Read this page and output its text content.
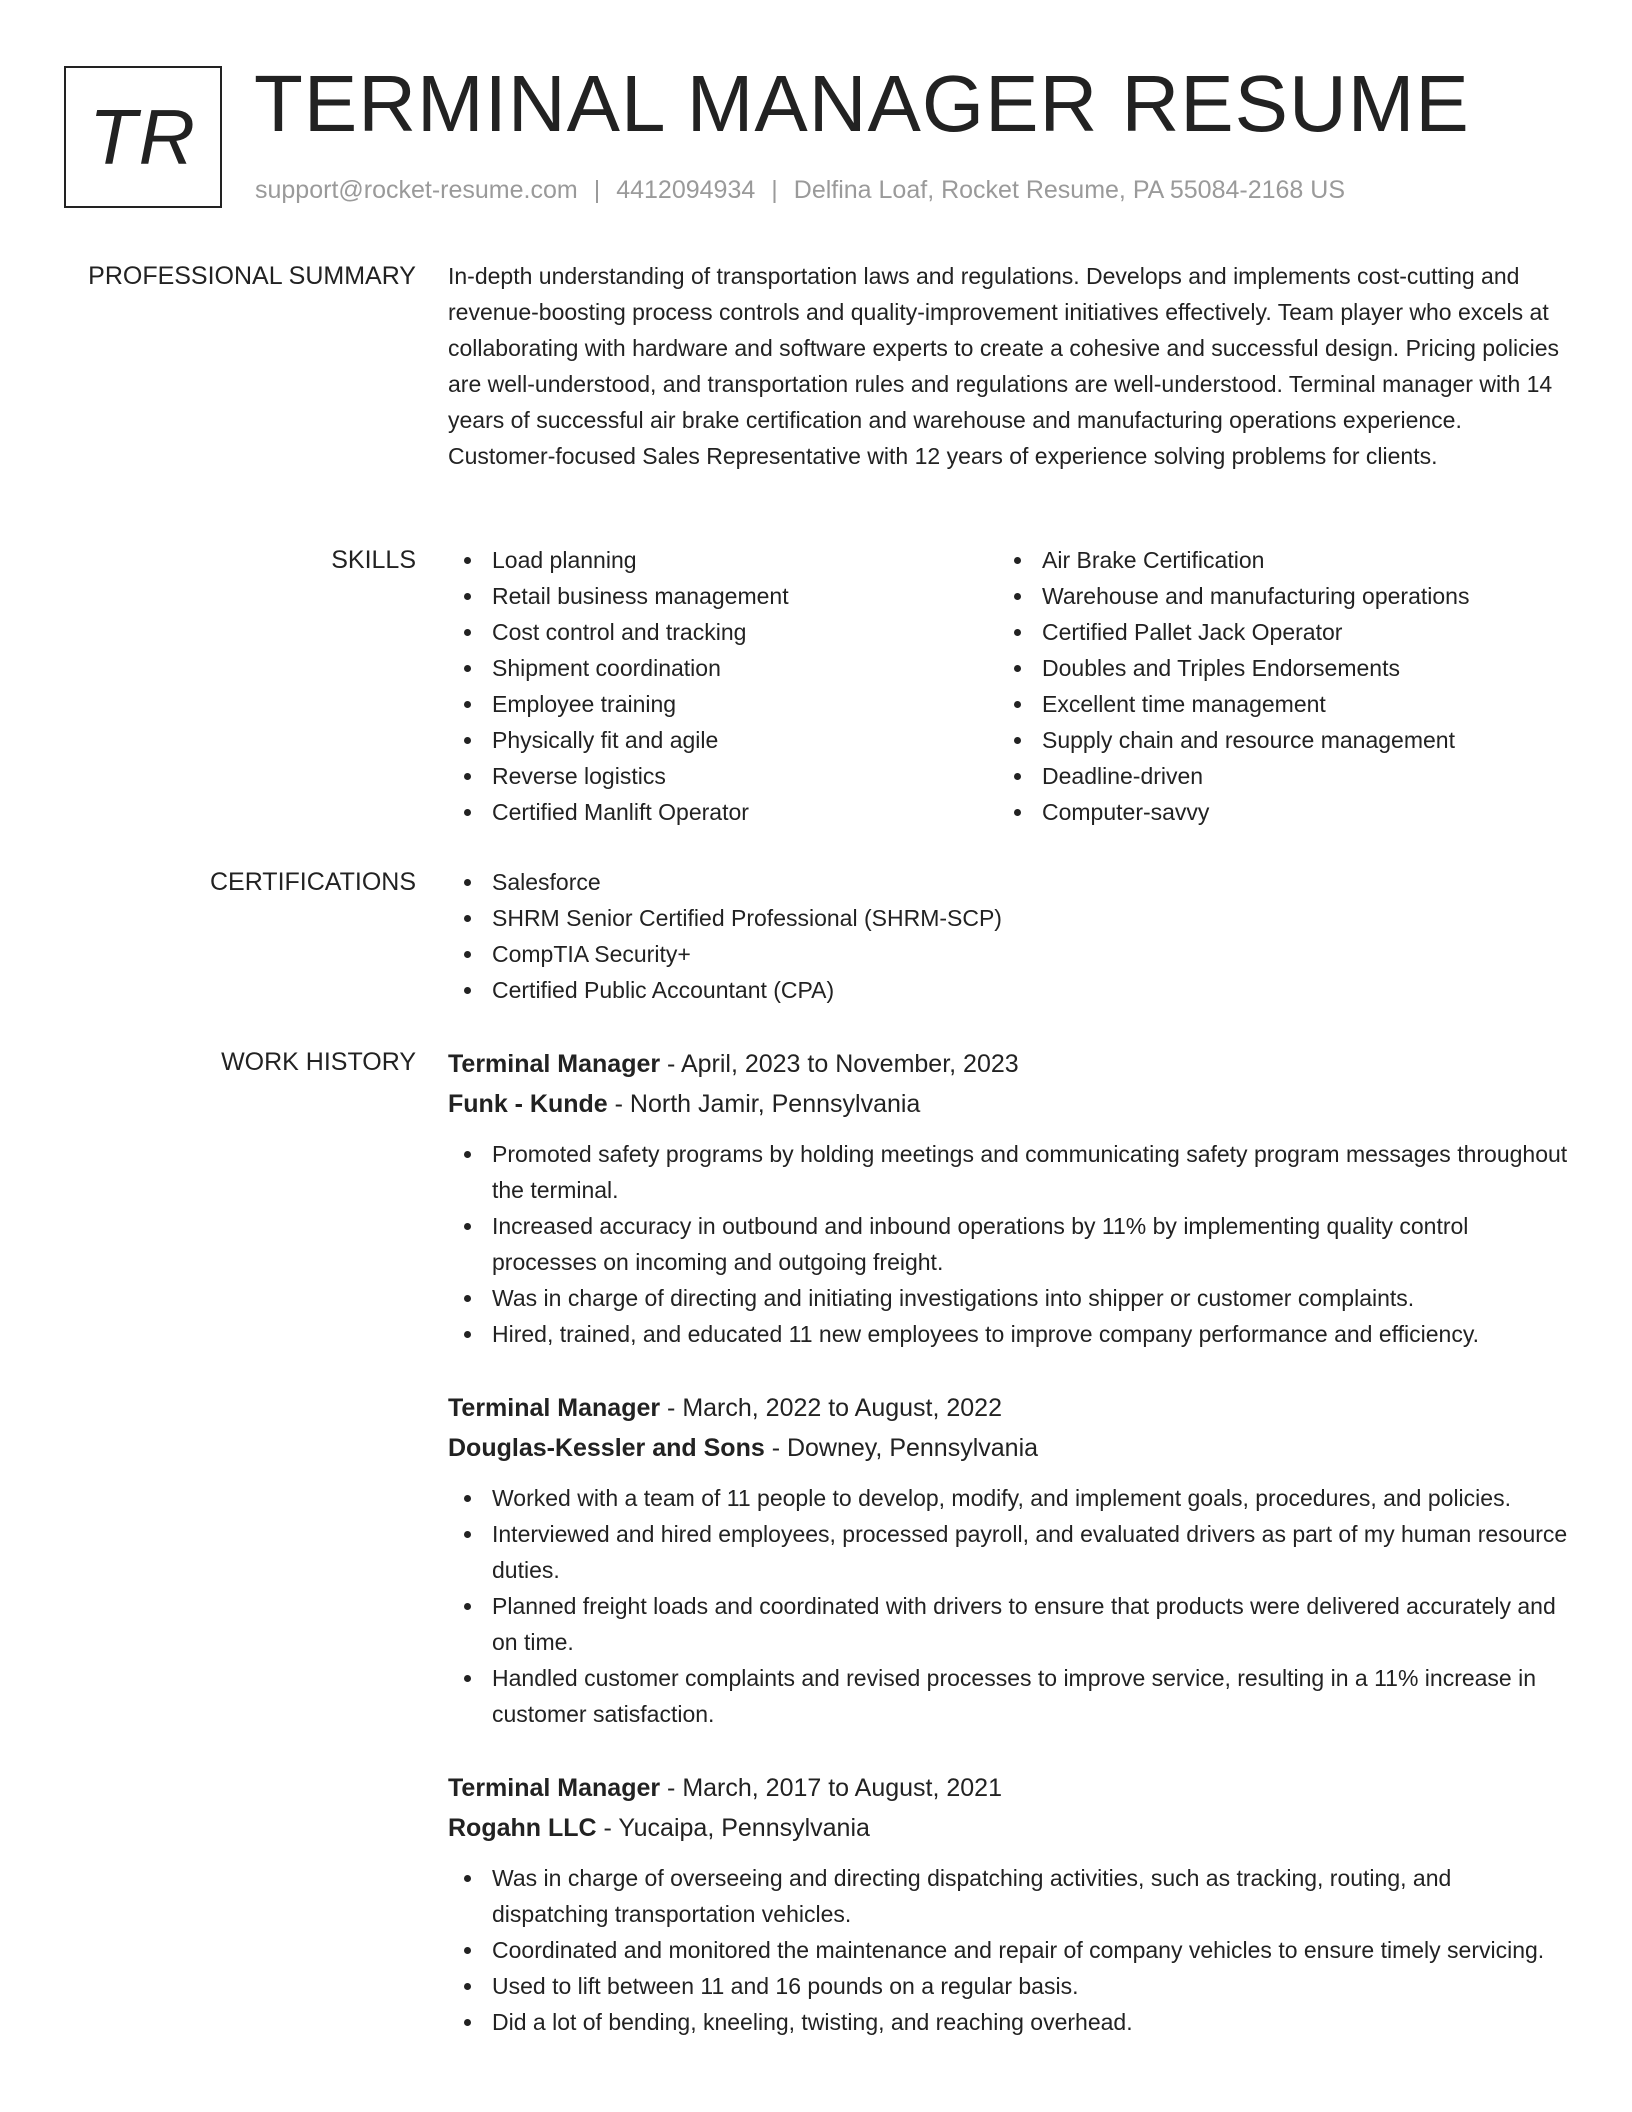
TR TERMINAL MANAGER RESUME
support@rocket-resume.com | 4412094934 | Delfina Loaf, Rocket Resume, PA 55084-2168 US
PROFESSIONAL SUMMARY In-depth understanding of transportation laws and regulations. Develops and implements cost-cutting and revenue-boosting process controls and quality-improvement initiatives effectively. Team player who excels at collaborating with hardware and software experts to create a cohesive and successful design. Pricing policies are well-understood, and transportation rules and regulations are well-understood. Terminal manager with 14 years of successful air brake certification and warehouse and manufacturing operations experience. Customer-focused Sales Representative with 12 years of experience solving problems for clients.

SKILLS	Load planning
Retail business management
Cost control and tracking
Shipment coordination
Employee training
Physically fit and agile
Reverse logistics
Certified Manlift Operator
Air Brake Certification
Warehouse and manufacturing operations
Certified Pallet Jack Operator
Doubles and Triples Endorsements
Excellent time management
Supply chain and resource management
Deadline-driven
Computer-savvy
CERTIFICATIONS	Salesforce
SHRM Senior Certified Professional (SHRM-SCP)
CompTIA Security+
Certified Public Accountant (CPA)
WORK HISTORY Terminal Manager - April, 2023 to November, 2023
Funk - Kunde - North Jamir, Pennsylvania
Promoted safety programs by holding meetings and communicating safety program messages throughout the terminal.
Increased accuracy in outbound and inbound operations by 11% by implementing quality control processes on incoming and outgoing freight.
Was in charge of directing and initiating investigations into shipper or customer complaints.
Hired, trained, and educated 11 new employees to improve company performance and efficiency.
Terminal Manager - March, 2022 to August, 2022
Douglas-Kessler and Sons - Downey, Pennsylvania
Worked with a team of 11 people to develop, modify, and implement goals, procedures, and policies.
Interviewed and hired employees, processed payroll, and evaluated drivers as part of my human resource duties.
Planned freight loads and coordinated with drivers to ensure that products were delivered accurately and on time.
Handled customer complaints and revised processes to improve service, resulting in a 11% increase in customer satisfaction.
Terminal Manager - March, 2017 to August, 2021
Rogahn LLC - Yucaipa, Pennsylvania
Was in charge of overseeing and directing dispatching activities, such as tracking, routing, and dispatching transportation vehicles.
Coordinated and monitored the maintenance and repair of company vehicles to ensure timely servicing.
Used to lift between 11 and 16 pounds on a regular basis.
Did a lot of bending, kneeling, twisting, and reaching overhead.
